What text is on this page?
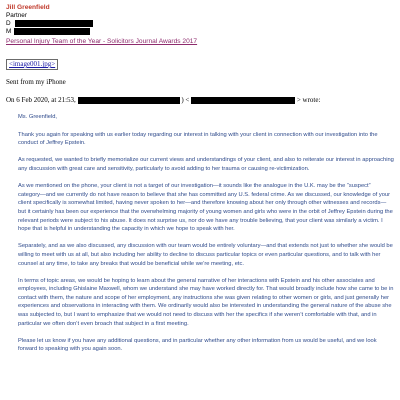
Jill Greenfield
Partner
D
M
Personal Injury Team of the Year - Solicitors Journal Awards 2017
<image001.jpg>
Sent from my iPhone
On 6 Feb 2020, at 21:53,	) <	> wrote:

Ms. Greenfield,

Thank you again for speaking with us earlier today regarding our interest in talking with your client in connection with our investigation into the conduct of Jeffrey Epstein.

As requested, we wanted to briefly memorialize our current views and understandings of your client, and also to reiterate our interest in approaching any discussion with great care and sensitivity, particularly to avoid adding to her trauma or causing re-victimization.

As we mentioned on the phone, your client is not a target of our investigation—it sounds like the analogue in the U.K. may be the “suspect” category—and we currently do not have reason to believe that she has committed any U.S. federal crime. As we discussed, our knowledge of your client specifically is somewhat limited, having never spoken to her—and therefore knowing about her only through other witnesses and records—but it certainly has been our experience that the overwhelming majority of young women and girls who were in the orbit of Jeffrey Epstein during the relevant periods were subject to his abuse. It does not surprise us, nor do we have any trouble believing, that your client was similarly a victim. I hope that is helpful in understanding the capacity in which we hope to speak with her.

Separately, and as we also discussed, any discussion with our team would be entirely voluntary—and that extends not just to whether she would be willing to meet with us at all, but also including her ability to decline to discuss particular topics or even particular questions, and to talk with her counsel at any time, to take any breaks that would be beneficial while we’re meeting, etc.

In terms of topic areas, we would be hoping to learn about the general narrative of her interactions with Epstein and his other associates and employees, including Ghislaine Maxwell, whom we understand she may have worked directly for. That would broadly include how she came to be in contact with them, the nature and scope of her employment, any instructions she was given relating to other women or girls, and just generally her experiences and observations in interacting with them. We ordinarily would also be interested in understanding the general nature of the abuse she was subjected to, but I want to emphasize that we would not need to discuss with her the specifics if she weren’t comfortable with that, and in particular we often don’t even broach that subject in a first meeting.

Please let us know if you have any additional questions, and in particular whether any other information from us would be useful, and we look forward to speaking with you again soon.
